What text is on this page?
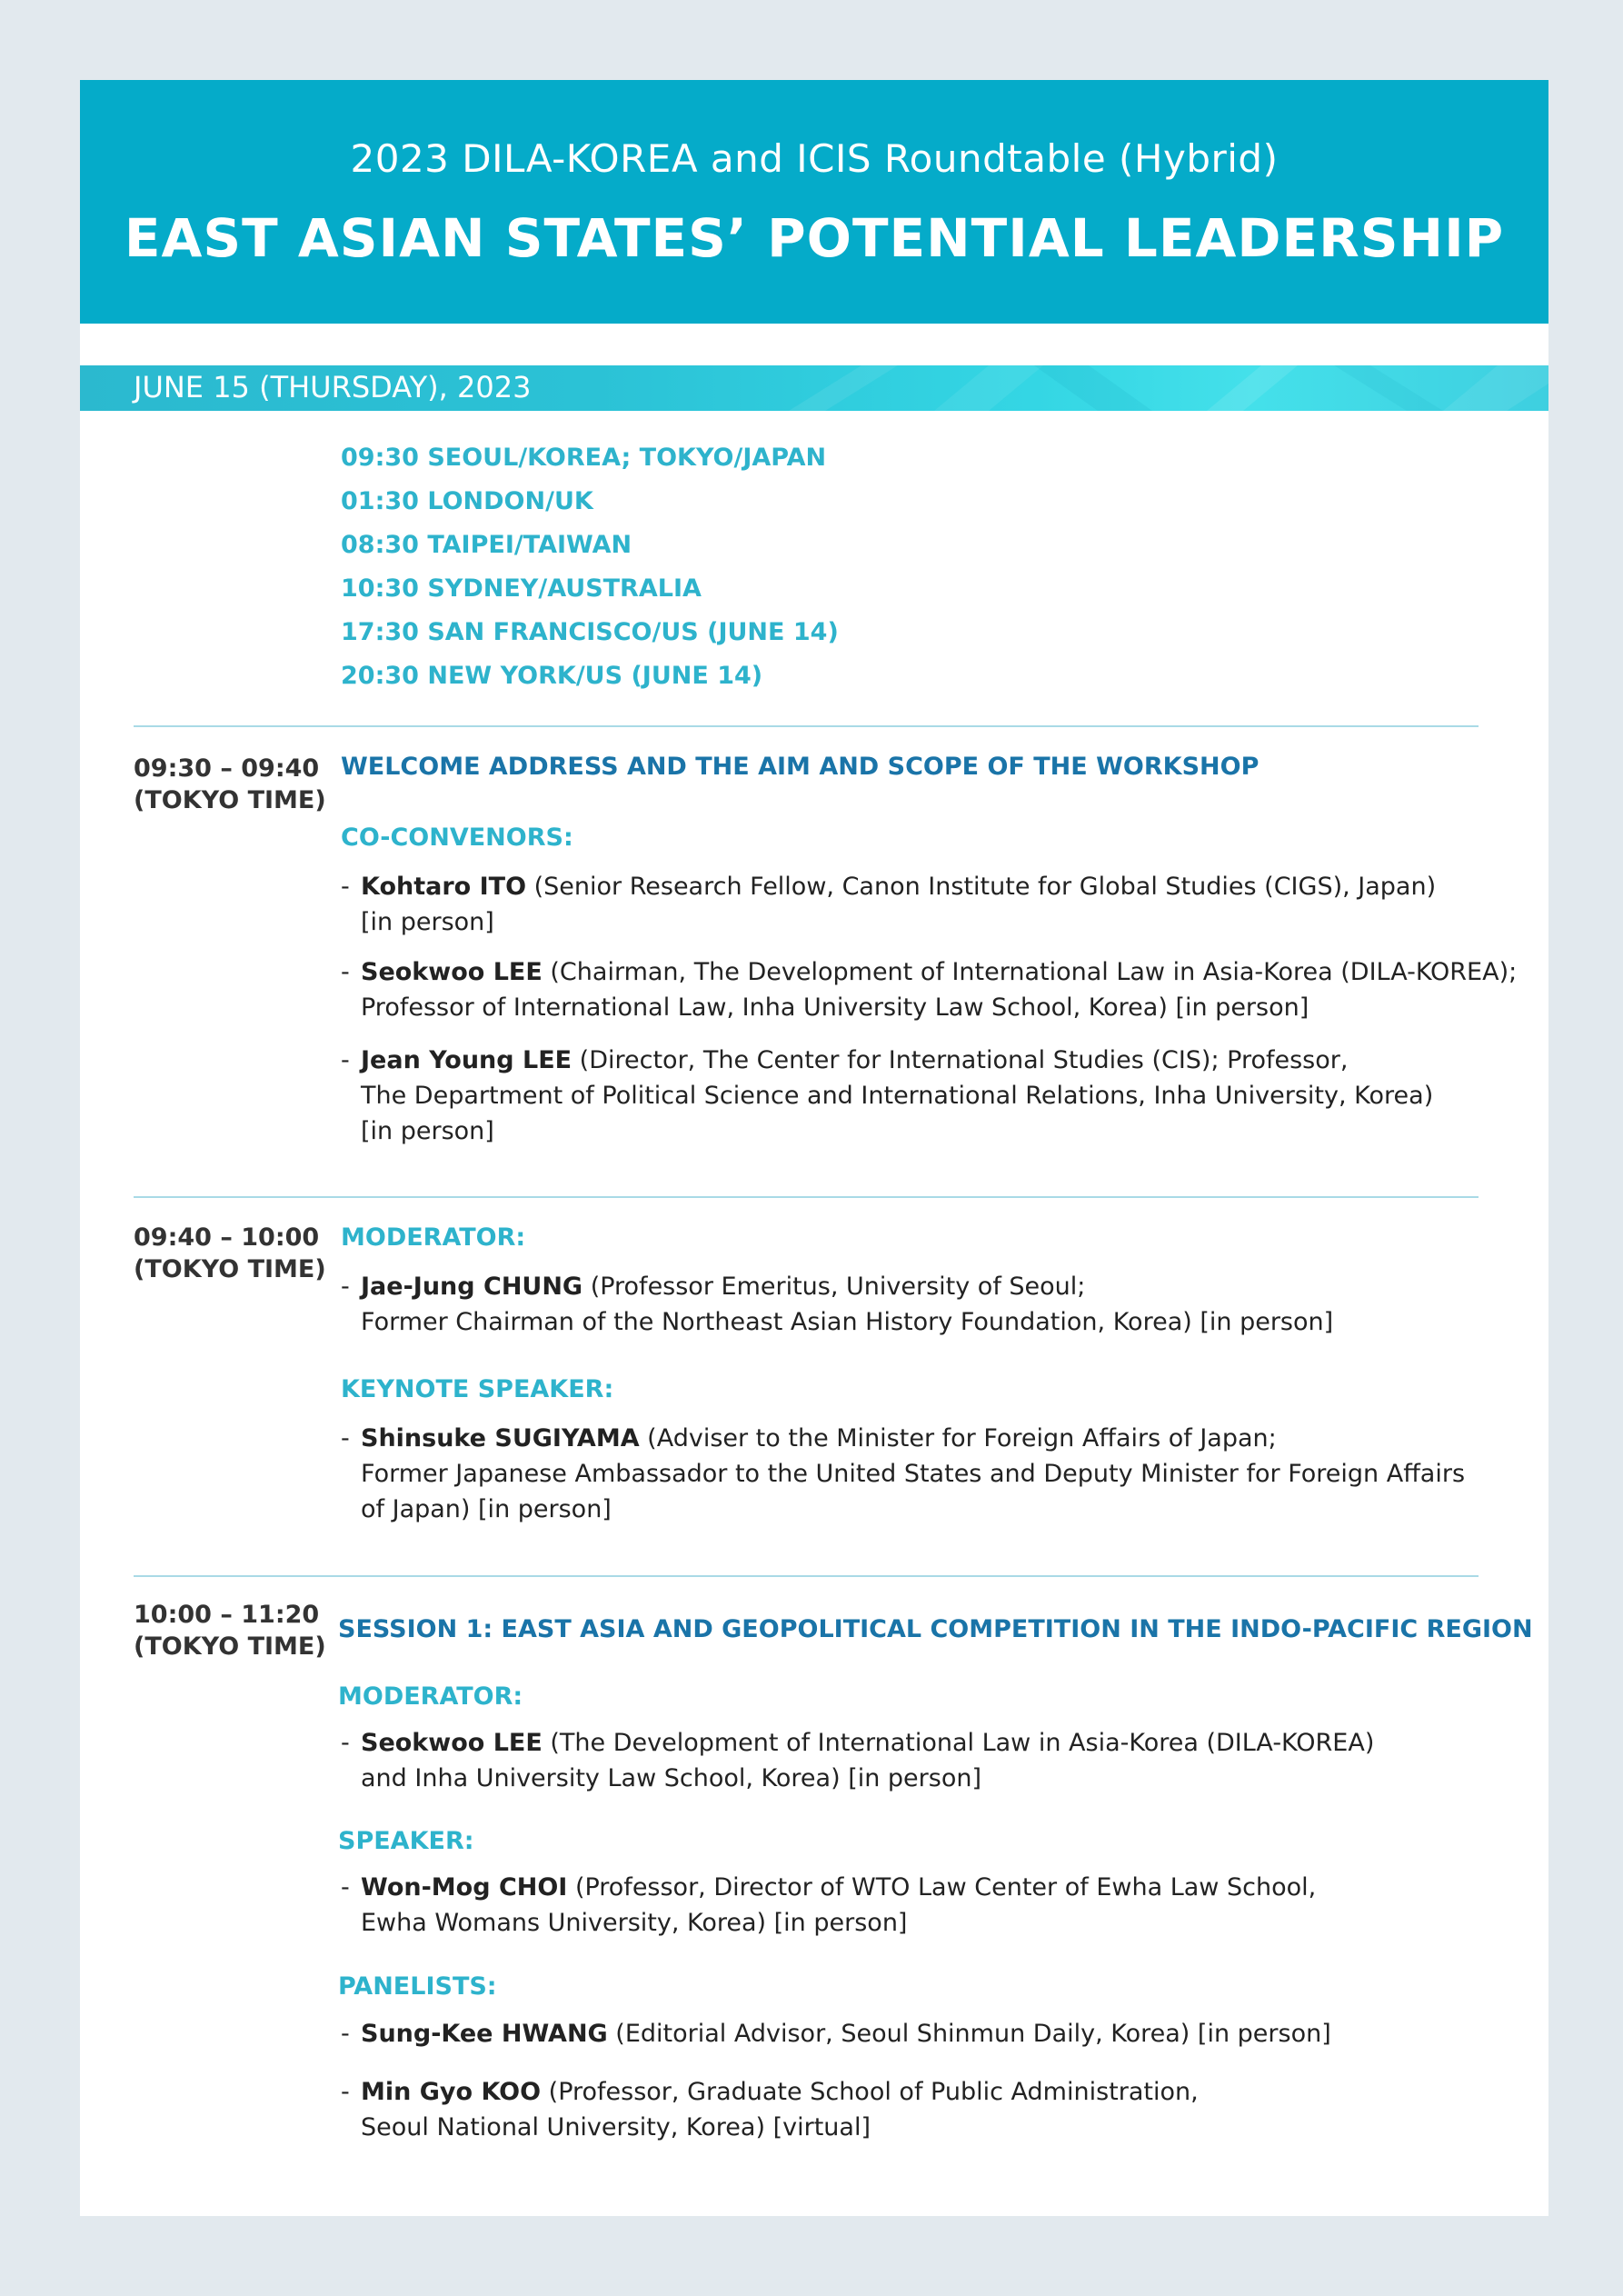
2023 DILA-KOREA and ICIS Roundtable (Hybrid)
EAST ASIAN STATES’ POTENTIAL LEADERSHIP
JUNE 15 (THURSDAY), 2023
09:30 SEOUL/KOREA; TOKYO/JAPAN
01:30 LONDON/UK
08:30 TAIPEI/TAIWAN
10:30 SYDNEY/AUSTRALIA
17:30 SAN FRANCISCO/US (JUNE 14)
20:30 NEW YORK/US (JUNE 14)
09:30 – 09:40
(TOKYO TIME)
WELCOME ADDRESS AND THE AIM AND SCOPE OF THE WORKSHOP
CO-CONVENORS:
- Kohtaro ITO (Senior Research Fellow, Canon Institute for Global Studies (CIGS), Japan)
[in person]
- Seokwoo LEE (Chairman, The Development of International Law in Asia-Korea (DILA-KOREA);
Professor of International Law, Inha University Law School, Korea) [in person]
- Jean Young LEE (Director, The Center for International Studies (CIS); Professor,
The Department of Political Science and International Relations, Inha University, Korea)
[in person]
09:40 – 10:00
(TOKYO TIME)
MODERATOR:
- Jae-Jung CHUNG (Professor Emeritus, University of Seoul;
Former Chairman of the Northeast Asian History Foundation, Korea) [in person]
KEYNOTE SPEAKER:
- Shinsuke SUGIYAMA (Adviser to the Minister for Foreign Affairs of Japan;
Former Japanese Ambassador to the United States and Deputy Minister for Foreign Affairs
of Japan) [in person]
10:00 – 11:20
(TOKYO TIME)
SESSION 1: EAST ASIA AND GEOPOLITICAL COMPETITION IN THE INDO-PACIFIC REGION
MODERATOR:
- Seokwoo LEE (The Development of International Law in Asia-Korea (DILA-KOREA)
and Inha University Law School, Korea) [in person]
SPEAKER:
- Won-Mog CHOI (Professor, Director of WTO Law Center of Ewha Law School,
Ewha Womans University, Korea) [in person]
PANELISTS:
- Sung-Kee HWANG (Editorial Advisor, Seoul Shinmun Daily, Korea) [in person]
- Min Gyo KOO (Professor, Graduate School of Public Administration,
Seoul National University, Korea) [virtual]
